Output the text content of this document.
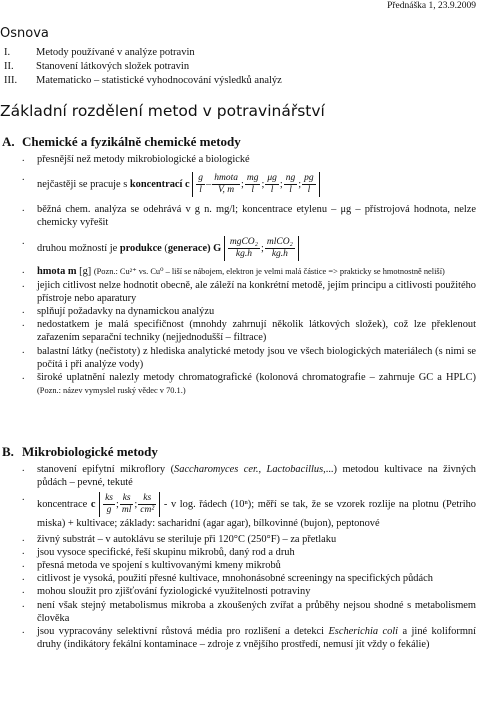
Přednáška 1, 23.9.2009
Osnova
I.	Metody používané v analýze potravin
II.	Stanovení látkových složek potravin
III.	Matematicko – statistické vyhodnocování výsledků analýz
Základní rozdělení metod v potravinářství
A. Chemické a fyzikálně chemické metody
. přesnější než metody mikrobiologické a biologické
. nejčastěji se pracuje s koncentrací c $\frac{g}{l} - \frac{\text{hmota}}{V, m}$ ; $\frac{mg}{l}$ ; $\frac{\mu g}{l}$ ; $\frac{ng}{l}$ ; $\frac{pg}{l}$
. běžná chem. analýza se odehrává v g n. mg/l; koncentrace etylenu – μg – přístrojová hodnota, nelze chemicky vyřešit
. druhou možností je produkce (generace) G $\frac{\text{mgCO₂}}{kg.h}$ ; $\frac{\text{mlCO₂}}{kg.h}$
. hmota m [g] (Pozn.: Cu²⁺ vs. Cu⁰ – liší se nábojem, elektron je velmi malá částice => prakticky se hmotnostně neliší)
. jejich citlivost nelze hodnotit obecně, ale záleží na konkrétní metodě, jejím principu a citlivosti použitého přístroje nebo aparatury
. splňují požadavky na dynamickou analýzu
. nedostatkem je malá specifičnost (mnohdy zahrnují několik látkových složek), což lze překlenout zařazením separační techniky (nejjednodušší – filtrace)
. balastní látky (nečistoty) z hlediska analytické metody jsou ve všech biologických materiálech (s nimi se počítá i při analýze vody)
. široké uplatnění nalezly metody chromatografické (kolonová chromatografie – zahrnuje GC a HPLC) (Pozn.: název vymyslel ruský vědec v 70.1.)
B. Mikrobiologické metody
. stanovení epifytní mikroflory (Saccharomyces cer., Lactobacillus,...) metodou kultivace na živných půdách – pevné, tekuté
. koncentrace c $\frac{ks}{g}$ ; $\frac{ks}{ml}$ ; $\frac{ks}{\text{cm²}}$ - v log. řádech (10ⁿ); měří se tak, že se vzorek rozlije na plotnu (Petriho miska) + kultivace; základy: sacharidní (agar agar), bílkovinné (bujon), peptonové
. živný substrát – v autoklávu se steriluje při 120°C (250°F) – za přetlaku
. jsou vysoce specifické, řeší skupinu mikrobů, daný rod a druh
. přesná metoda ve spojení s kultivovanými kmeny mikrobů
. citlivost je vysoká, použití přesné kultivace, mnohonásobné screeningy na specifických půdách
. mohou sloužit pro zjišťování fyziologické využitelnosti potraviny
. není však stejný metabolismus mikroba a zkoušených zvířat a průběhy nejsou shodné s metabolismem člověka
. jsou vypracovány selektivní růstová média pro rozlišení a detekci Escherichia coli a jiné koliformní druhy (indikátory fekální kontaminace – zdroje z vnějšího prostředí, nemusí jít vždy o fekálie)
